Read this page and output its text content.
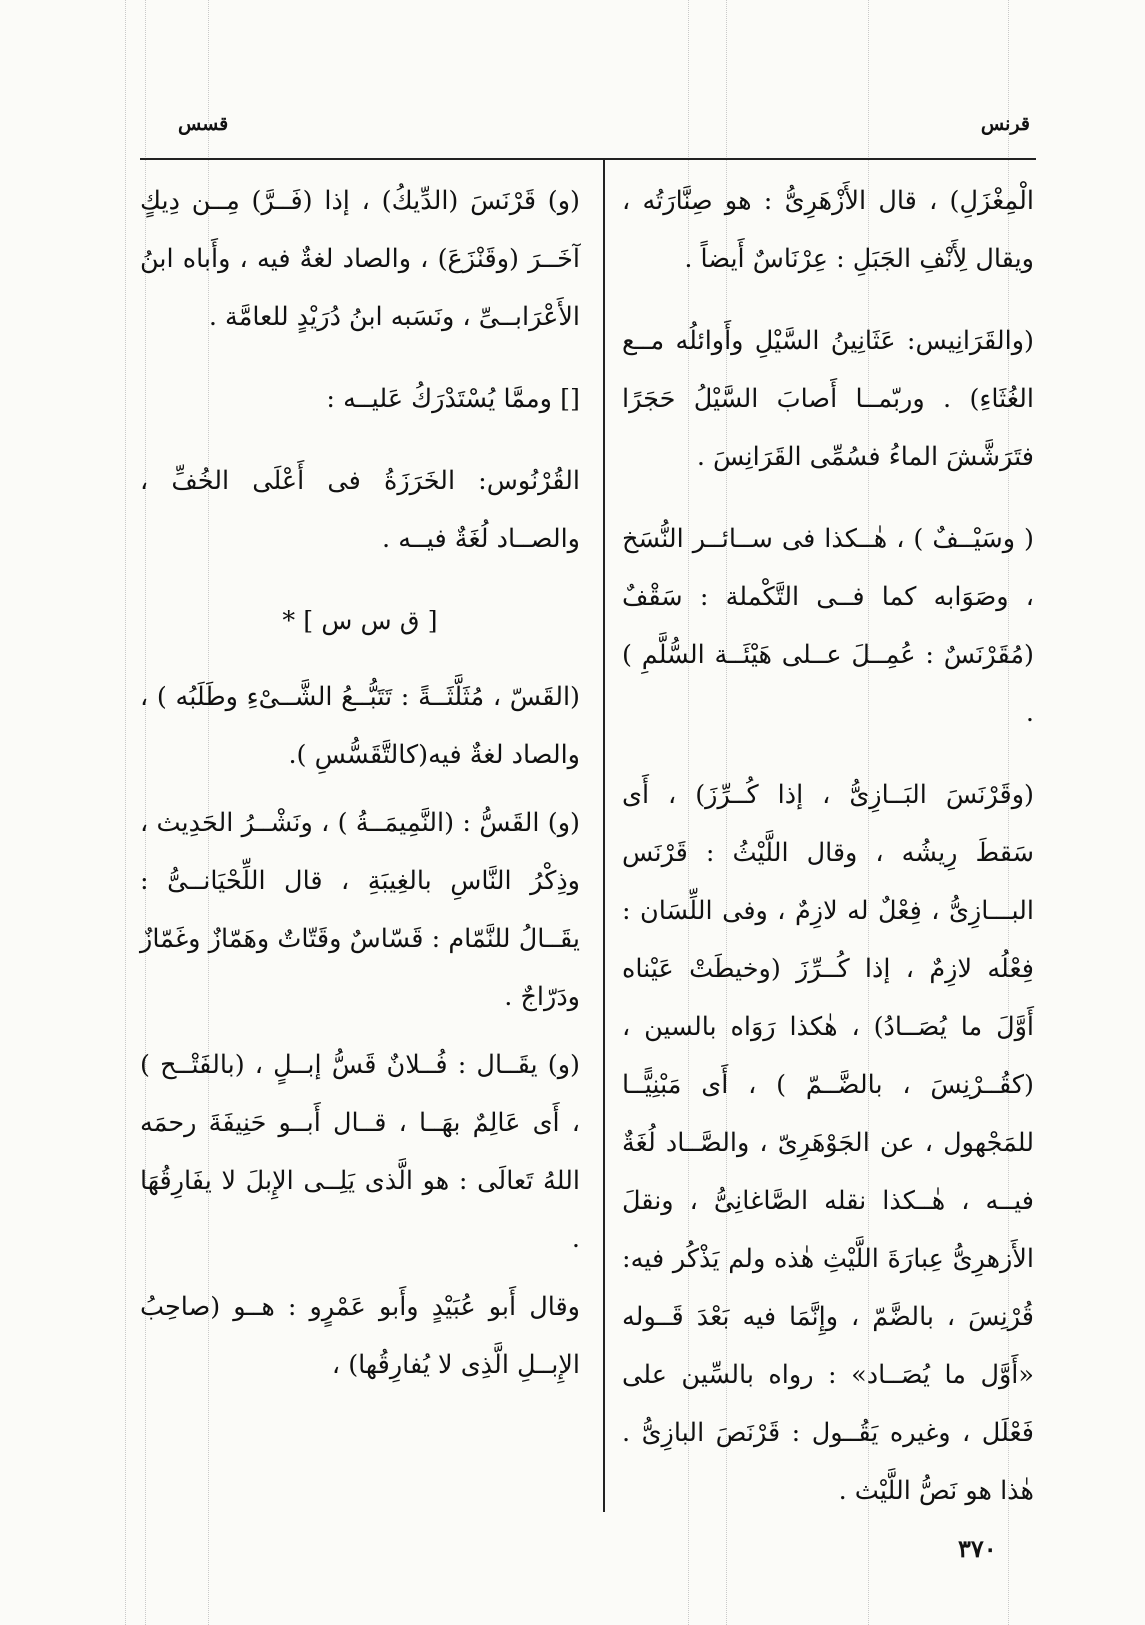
قرنس
قسس

الْمِغْزَلِ) ، قال الأَزْهَرِىُّ : هو صِنَّارَتُه ، ويقال لِأَنْفِ الجَبَلِ : عِرْنَاسٌ أَيضاً .

(والقَرَانِيس: عَثَانِينُ السَّيْلِ وأَوائلُه مــع الغُثَاءِ) . وربّمــا أَصابَ السَّيْلُ حَجَرًا فتَرَشَّشَ الماءُ فسُمِّى القَرَانِسَ .

( وسَيْــفٌ ) ، هٰــكذا فى ســائــر النُّسَخ ، وصَوَابه كما فــى التَّكْملة : سَقْفٌ (مُقَرْنَسٌ : عُمِــلَ عــلى هَيْئَــة السُّلَّمِ ) .

(وقَرْنَسَ البَــازِىُّ ، إذا كُــرِّزَ) ، أَى سَقطَ رِيشُه ، وقال اللَّيْثُ : قَرْنَس البـــازِىُّ ، فِعْلٌ له لازِمٌ ، وفى اللِّسَان : فِعْلُه لازِمٌ ، إذا كُــرِّزَ (وخيطَتْ عَيْناه أَوَّلَ ما يُصَــادُ) ، هٰكذا رَوَاه بالسين ، (كقُــرْنِسَ ، بالضَّــمّ ) ، أَى مَبْنِيًّــا للمَجْهول ، عن الجَوْهَرِىّ ، والصَّــاد لُغَةٌ فيــه ، هٰــكذا نقله الصَّاغانِىُّ ، ونقلَ الأَزهرِىُّ عِبارَةَ اللَّيْثِ هٰذه ولم يَذْكُر فيه: قُرْنِسَ ، بالضَّمّ ، وإِنَّمَا فيه بَعْدَ قَــوله «أَوَّل ما يُصَــاد» : رواه بالسِّين على فَعْلَل ، وغيره يَقُــول : قَرْنَصَ البازِىُّ . هٰذا هو نَصُّ اللَّيْث .

(و) قَرْنَسَ (الدِّيكُ) ، إذا (فَــرَّ) مِــن دِيكٍ آخَــرَ (وقَنْزَعَ) ، والصاد لغةٌ فيه ، وأَباه ابنُ الأَعْرَابــىِّ ، ونَسَبه ابنُ دُرَيْدٍ للعامَّة .

[] وممَّا يُسْتَدْرَكُ عَليــه :

القُرْنُوس: الخَرَزَةُ فى أَعْلَى الخُفِّ ، والصــاد لُغَةٌ فيــه .

[ ق س س ] *

(القَسّ ، مُثَلَّثَــةً : تَتَبُّــعُ الشَّــىْءِ وطَلَبُه ) ، والصاد لغةٌ فيه(كالتَّقَسُّسِ ).

(و) القَسُّ : (النَّمِيمَــةُ ) ، ونَشْــرُ الحَدِيث ، وذِكْرُ النَّاسِ بالغِيبَةِ ، قال اللِّحْيَانــىُّ : يقَــالُ للنَّمّام : قَسّاسٌ وقَتّاتٌ وهَمّازٌ وغَمّازٌ ودَرّاجٌ .

(و) يقَــال : فُــلانٌ قَسُّ إبــلٍ ، (بالفَتْــح ) ، أَى عَالِمٌ بهَــا ، قــال أَبــو حَنِيفَةَ رحمَه اللهُ تَعالَى : هو الَّذى يَلِــى الإِبلَ لا يفَارِقُهَا .

وقال أَبو عُبَيْدٍ وأَبو عَمْرٍو : هــو (صاحِبُ الإِبــلِ الَّذِى لا يُفارِقُها) ،

٣٧٠
